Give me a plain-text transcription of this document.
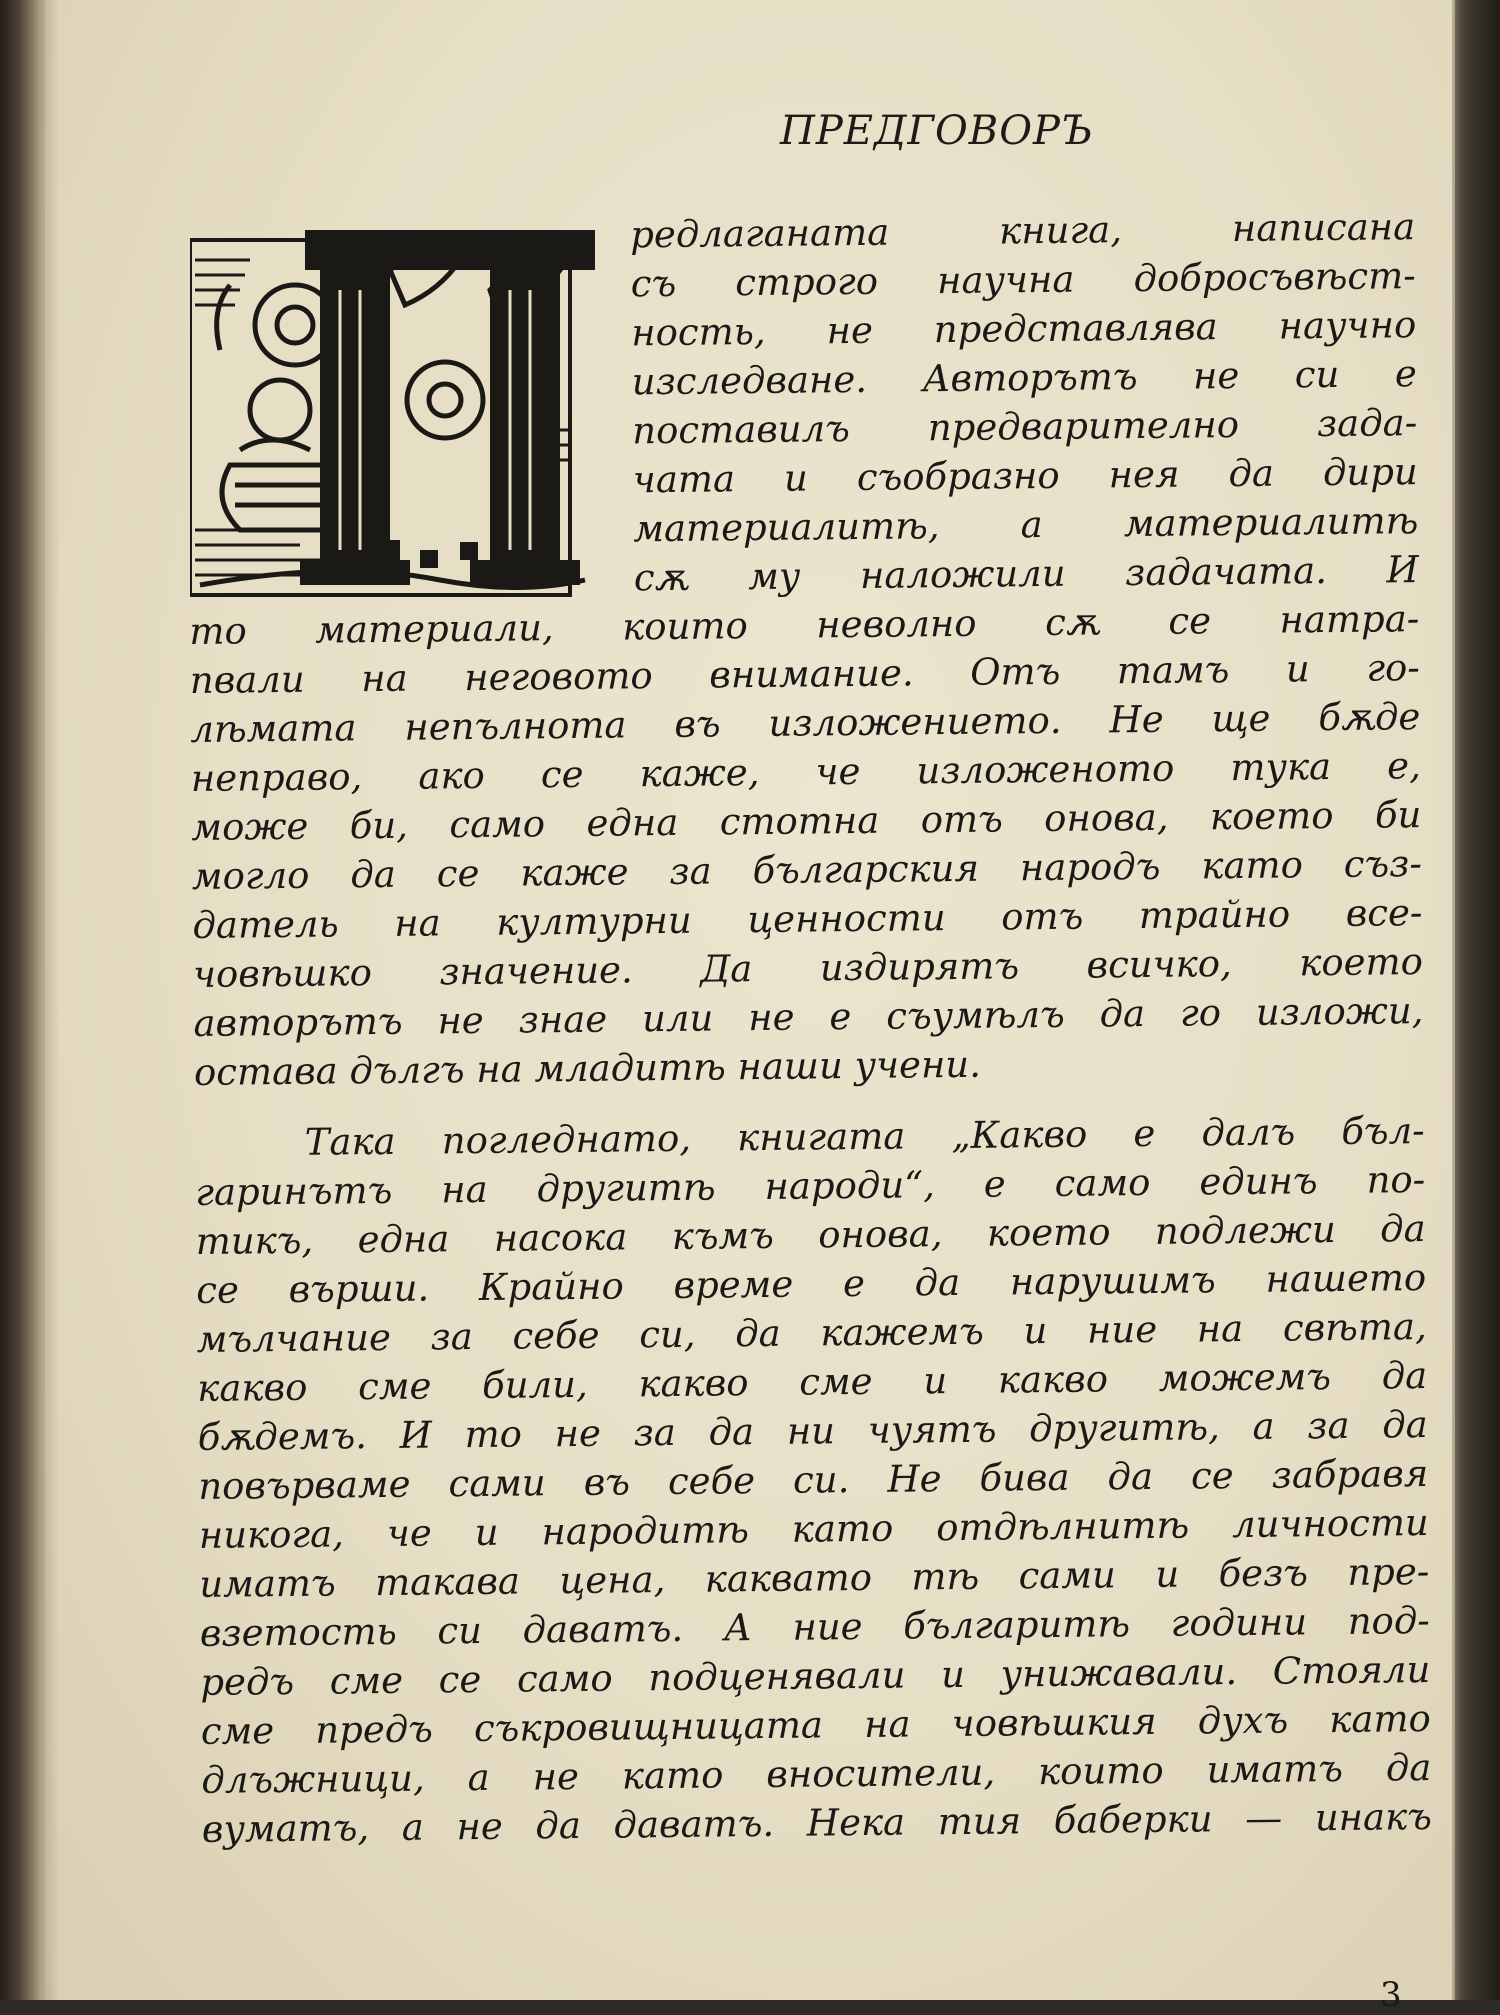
ПРЕДГОВОРЪ
редлаганата книга, написана
съ строго научна добросъвѣст-
ность, не представлява научно
изследване. Авторътъ не си е
поставилъ предварително зада-
чата и съобразно нея да дири
материалитѣ, а материалитѣ
сѫ му наложили задачата. И
то материали, които неволно сѫ се натра-
пвали на неговото внимание. Отъ тамъ и го-
лѣмата непълнота въ изложението. Не ще бѫде
неправо, ако се каже, че изложеното тука е,
може би, само една стотна отъ онова, което би
могло да се каже за българския народъ като съз-
датель на културни ценности отъ трайно все-
човѣшко значение. Да издирятъ всичко, което
авторътъ не знае или не е съумѣлъ да го изложи,
остава дългъ на младитѣ наши учени.
Така погледнато, книгата „Какво е далъ бъл-
гаринътъ на другитѣ народи“, е само единъ по-
тикъ, една насока къмъ онова, което подлежи да
се върши. Крайно време е да нарушимъ нашето
мълчание за себе си, да кажемъ и ние на свѣта,
какво сме били, какво сме и какво можемъ да
бѫдемъ. И то не за да ни чуятъ другитѣ, а за да
повървамe сами въ себе си. Не бива да се забравя
никога, че и народитѣ като отдѣлнитѣ личности
иматъ такава цена, каквато тѣ сами и безъ пре-
взетость си даватъ. А ние българитѣ години под-
редъ сме се само подценявали и унижавали. Стояли
сме предъ съкровищницата на човѣшкия духъ като
длъжници, а не като вносители, които иматъ да
вуматъ, а не да даватъ. Нека тия баберки — инакъ
3
